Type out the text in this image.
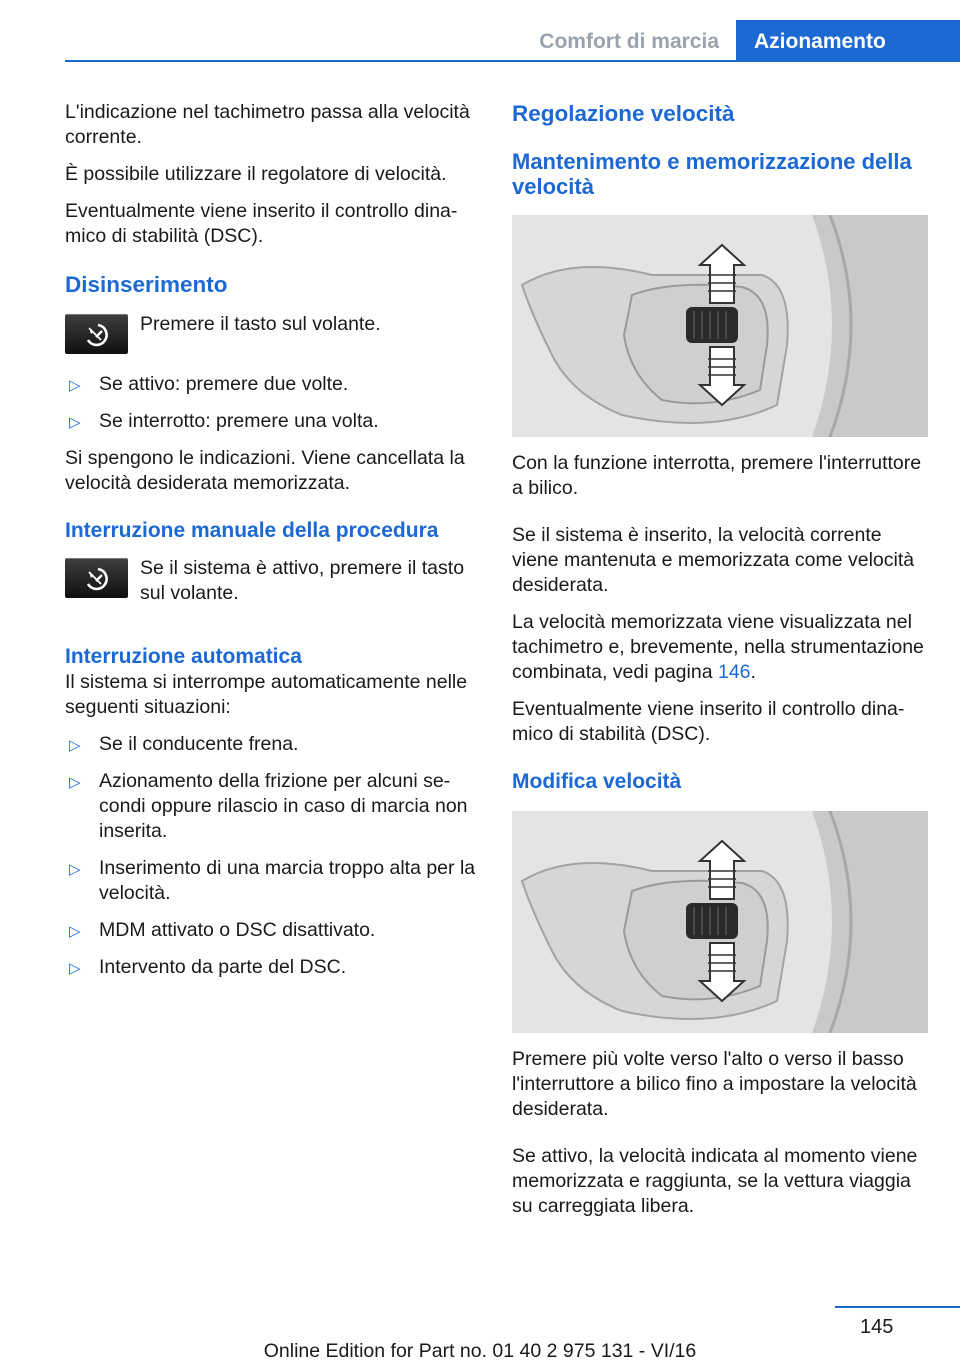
Comfort di marcia	Azionamento

L'indicazione nel tachimetro passa alla velocità corrente.

È possibile utilizzare il regolatore di velocità.

Eventualmente viene inserito il controllo dinamico di stabilità (DSC).

Disinserimento
Premere il tasto sul volante.
▷ Se attivo: premere due volte.
▷ Se interrotto: premere una volta.

Si spengono le indicazioni. Viene cancellata la velocità desiderata memorizzata.

Interruzione manuale della procedura
Se il sistema è attivo, premere il tasto sul volante.
Interruzione automatica

Il sistema si interrompe automaticamente nelle seguenti situazioni:

▷ Se il conducente frena.
▷ Azionamento della frizione per alcuni secondi oppure rilascio in caso di marcia non inserita.
▷ Inserimento di una marcia troppo alta per la velocità.
▷ MDM attivato o DSC disattivato.
▷ Intervento da parte del DSC.
Regolazione velocità
Mantenimento e memorizzazione della velocità

Con la funzione interrotta, premere l'interruttore a bilico.

Se il sistema è inserito, la velocità corrente viene mantenuta e memorizzata come velocità desiderata.

La velocità memorizzata viene visualizzata nel tachimetro e, brevemente, nella strumentazione combinata, vedi pagina 146.

Eventualmente viene inserito il controllo dinamico di stabilità (DSC).

Modifica velocità

Premere più volte verso l'alto o verso il basso l'interruttore a bilico fino a impostare la velocità desiderata.

Se attivo, la velocità indicata al momento viene memorizzata e raggiunta, se la vettura viaggia su carreggiata libera.

145
Online Edition for Part no. 01 40 2 975 131 - VI/16
